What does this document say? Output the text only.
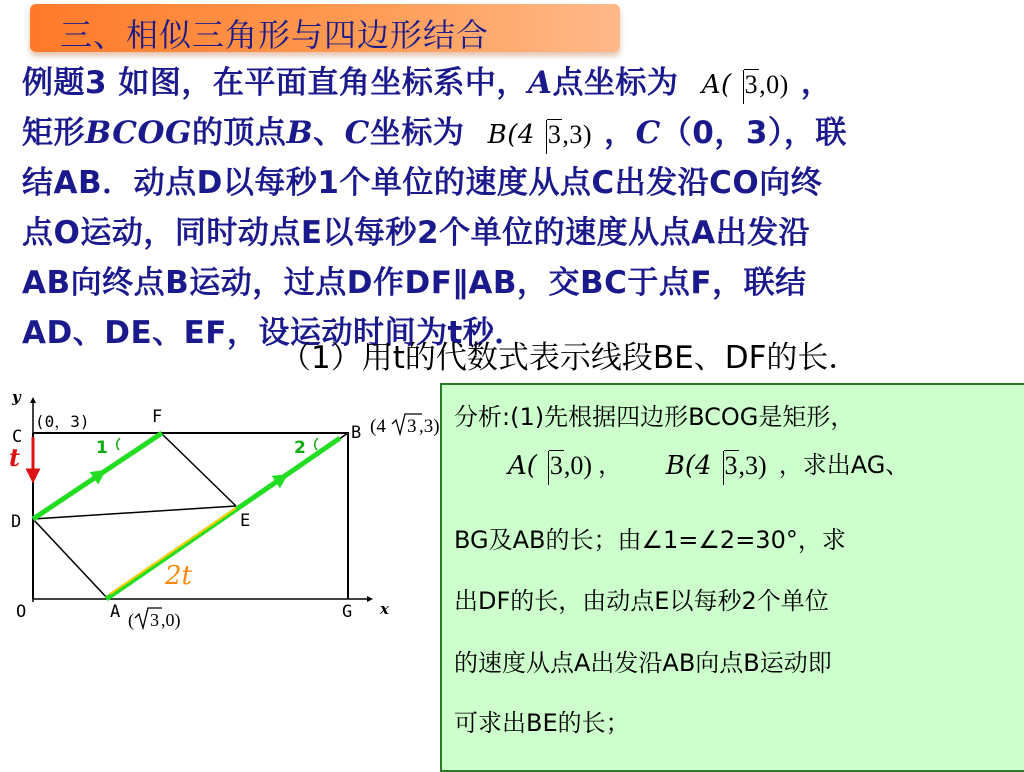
三、相似三角形与四边形结合
例题3 如图，在平面直角坐标系中，A点坐标为 A( 3,0) ，
矩形BCOG的顶点B、C坐标为 B(4 3,3) ，C（0，3），联
结AB．动点D以每秒1个单位的速度从点C出发沿CO向终
点O运动，同时动点E以每秒2个单位的速度从点A出发沿
AB向终点B运动，过点D作DF∥AB，交BC于点F，联结
AD、DE、EF，设运动时间为t秒．
（1）用t的代数式表示线段BE、DF的长．
y
x
(0，3)
C
F
B (4 3 ,3)
D	E
O	A	G
( 3 ,0)
1	2
t
2t
分析:(1)先根据四边形BCOG是矩形，
A( 3,0) ， B(4 3,3) ，求出AG、
BG及AB的长；由∠1=∠2=30°，求
出DF的长，由动点E以每秒2个单位
的速度从点A出发沿AB向点B运动即
可求出BE的长；
